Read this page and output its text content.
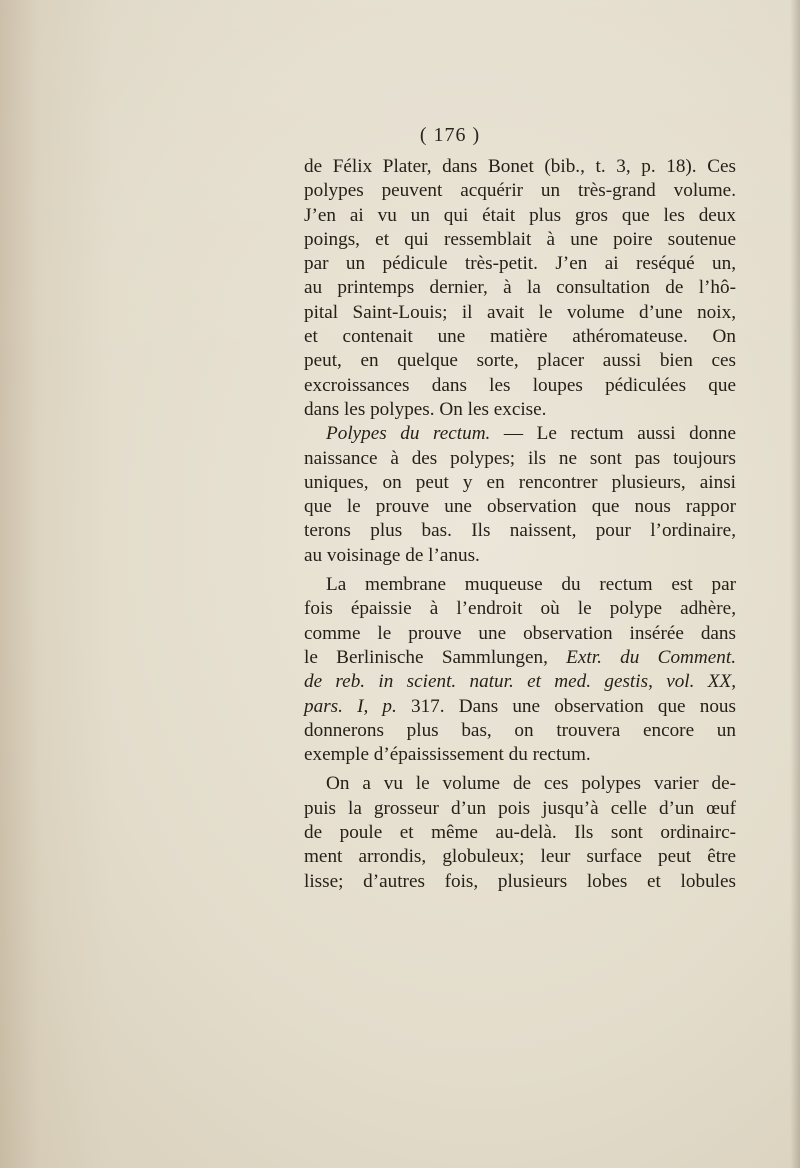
( 176 )
de Félix Plater, dans Bonet (bib., t. 3, p. 18). Ces
polypes peuvent acquérir un très-grand volume.
J’en ai vu un qui était plus gros que les deux
poings, et qui ressemblait à une poire soutenue
par un pédicule très-petit. J’en ai reséqué un,
au printemps dernier, à la consultation de l’hô-
pital Saint-Louis; il avait le volume d’une noix,
et contenait une matière athéromateuse. On
peut, en quelque sorte, placer aussi bien ces
excroissances dans les loupes pédiculées que
dans les polypes. On les excise.
Polypes du rectum. — Le rectum aussi donne
naissance à des polypes; ils ne sont pas toujours
uniques, on peut y en rencontrer plusieurs, ainsi
que le prouve une observation que nous rappor
terons plus bas. Ils naissent, pour l’ordinaire,
au voisinage de l’anus.
La membrane muqueuse du rectum est par
fois épaissie à l’endroit où le polype adhère,
comme le prouve une observation insérée dans
le Berlinische Sammlungen, Extr. du Comment.
de reb. in scient. natur. et med. gestis, vol. XX,
pars. I, p. 317. Dans une observation que nous
donnerons plus bas, on trouvera encore un
exemple d’épaississement du rectum.
On a vu le volume de ces polypes varier de-
puis la grosseur d’un pois jusqu’à celle d’un œuf
de poule et même au-delà. Ils sont ordinairc-
ment arrondis, globuleux; leur surface peut être
lisse; d’autres fois, plusieurs lobes et lobules
